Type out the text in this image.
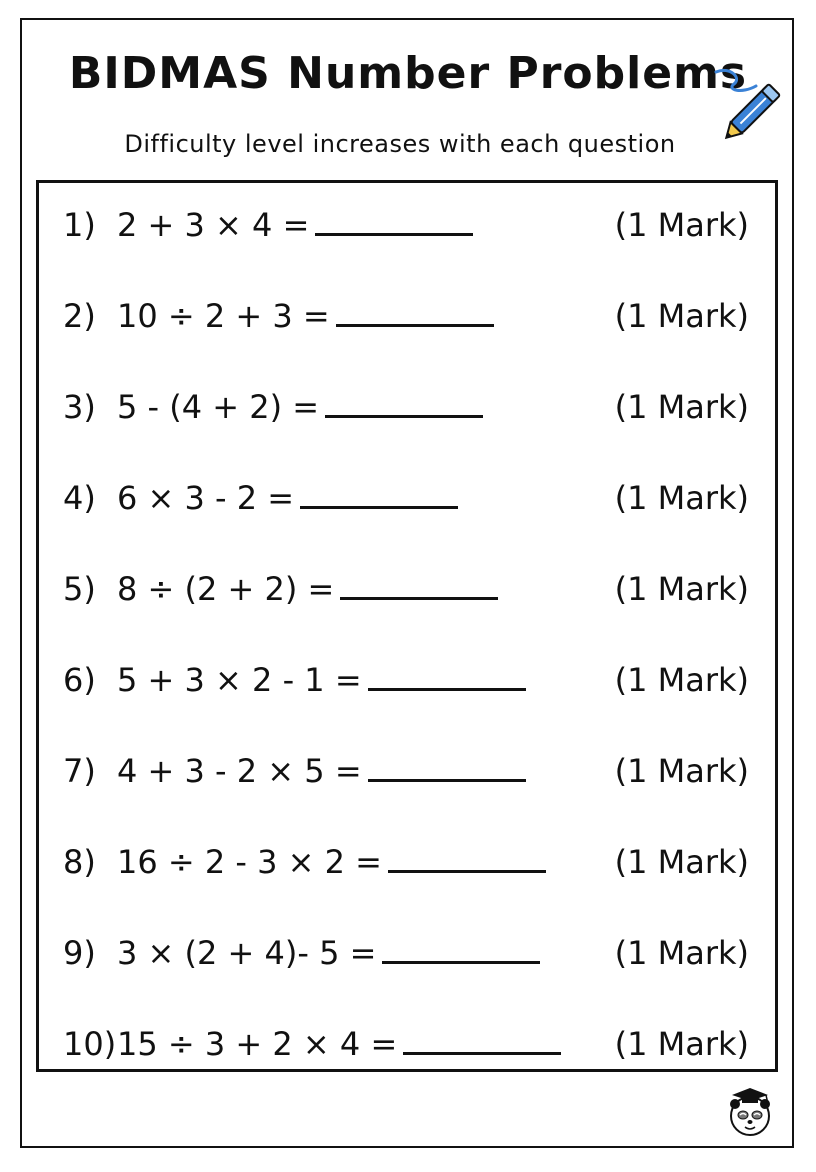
BIDMAS Number Problems
Difficulty level increases with each question
1) 2 + 3 × 4 =	(1 Mark)
2) 10 ÷ 2 + 3 =	(1 Mark)
3) 5 - (4 + 2) =	(1 Mark)
4) 6 × 3 - 2 =	(1 Mark)
5) 8 ÷ (2 + 2) =	(1 Mark)
6) 5 + 3 × 2 - 1 =	(1 Mark)
7) 4 + 3 - 2 × 5 =	(1 Mark)
8) 16 ÷ 2 - 3 × 2 =	(1 Mark)
9) 3 × (2 + 4)- 5 =	(1 Mark)
10) 15 ÷ 3 + 2 × 4 =	(1 Mark)
